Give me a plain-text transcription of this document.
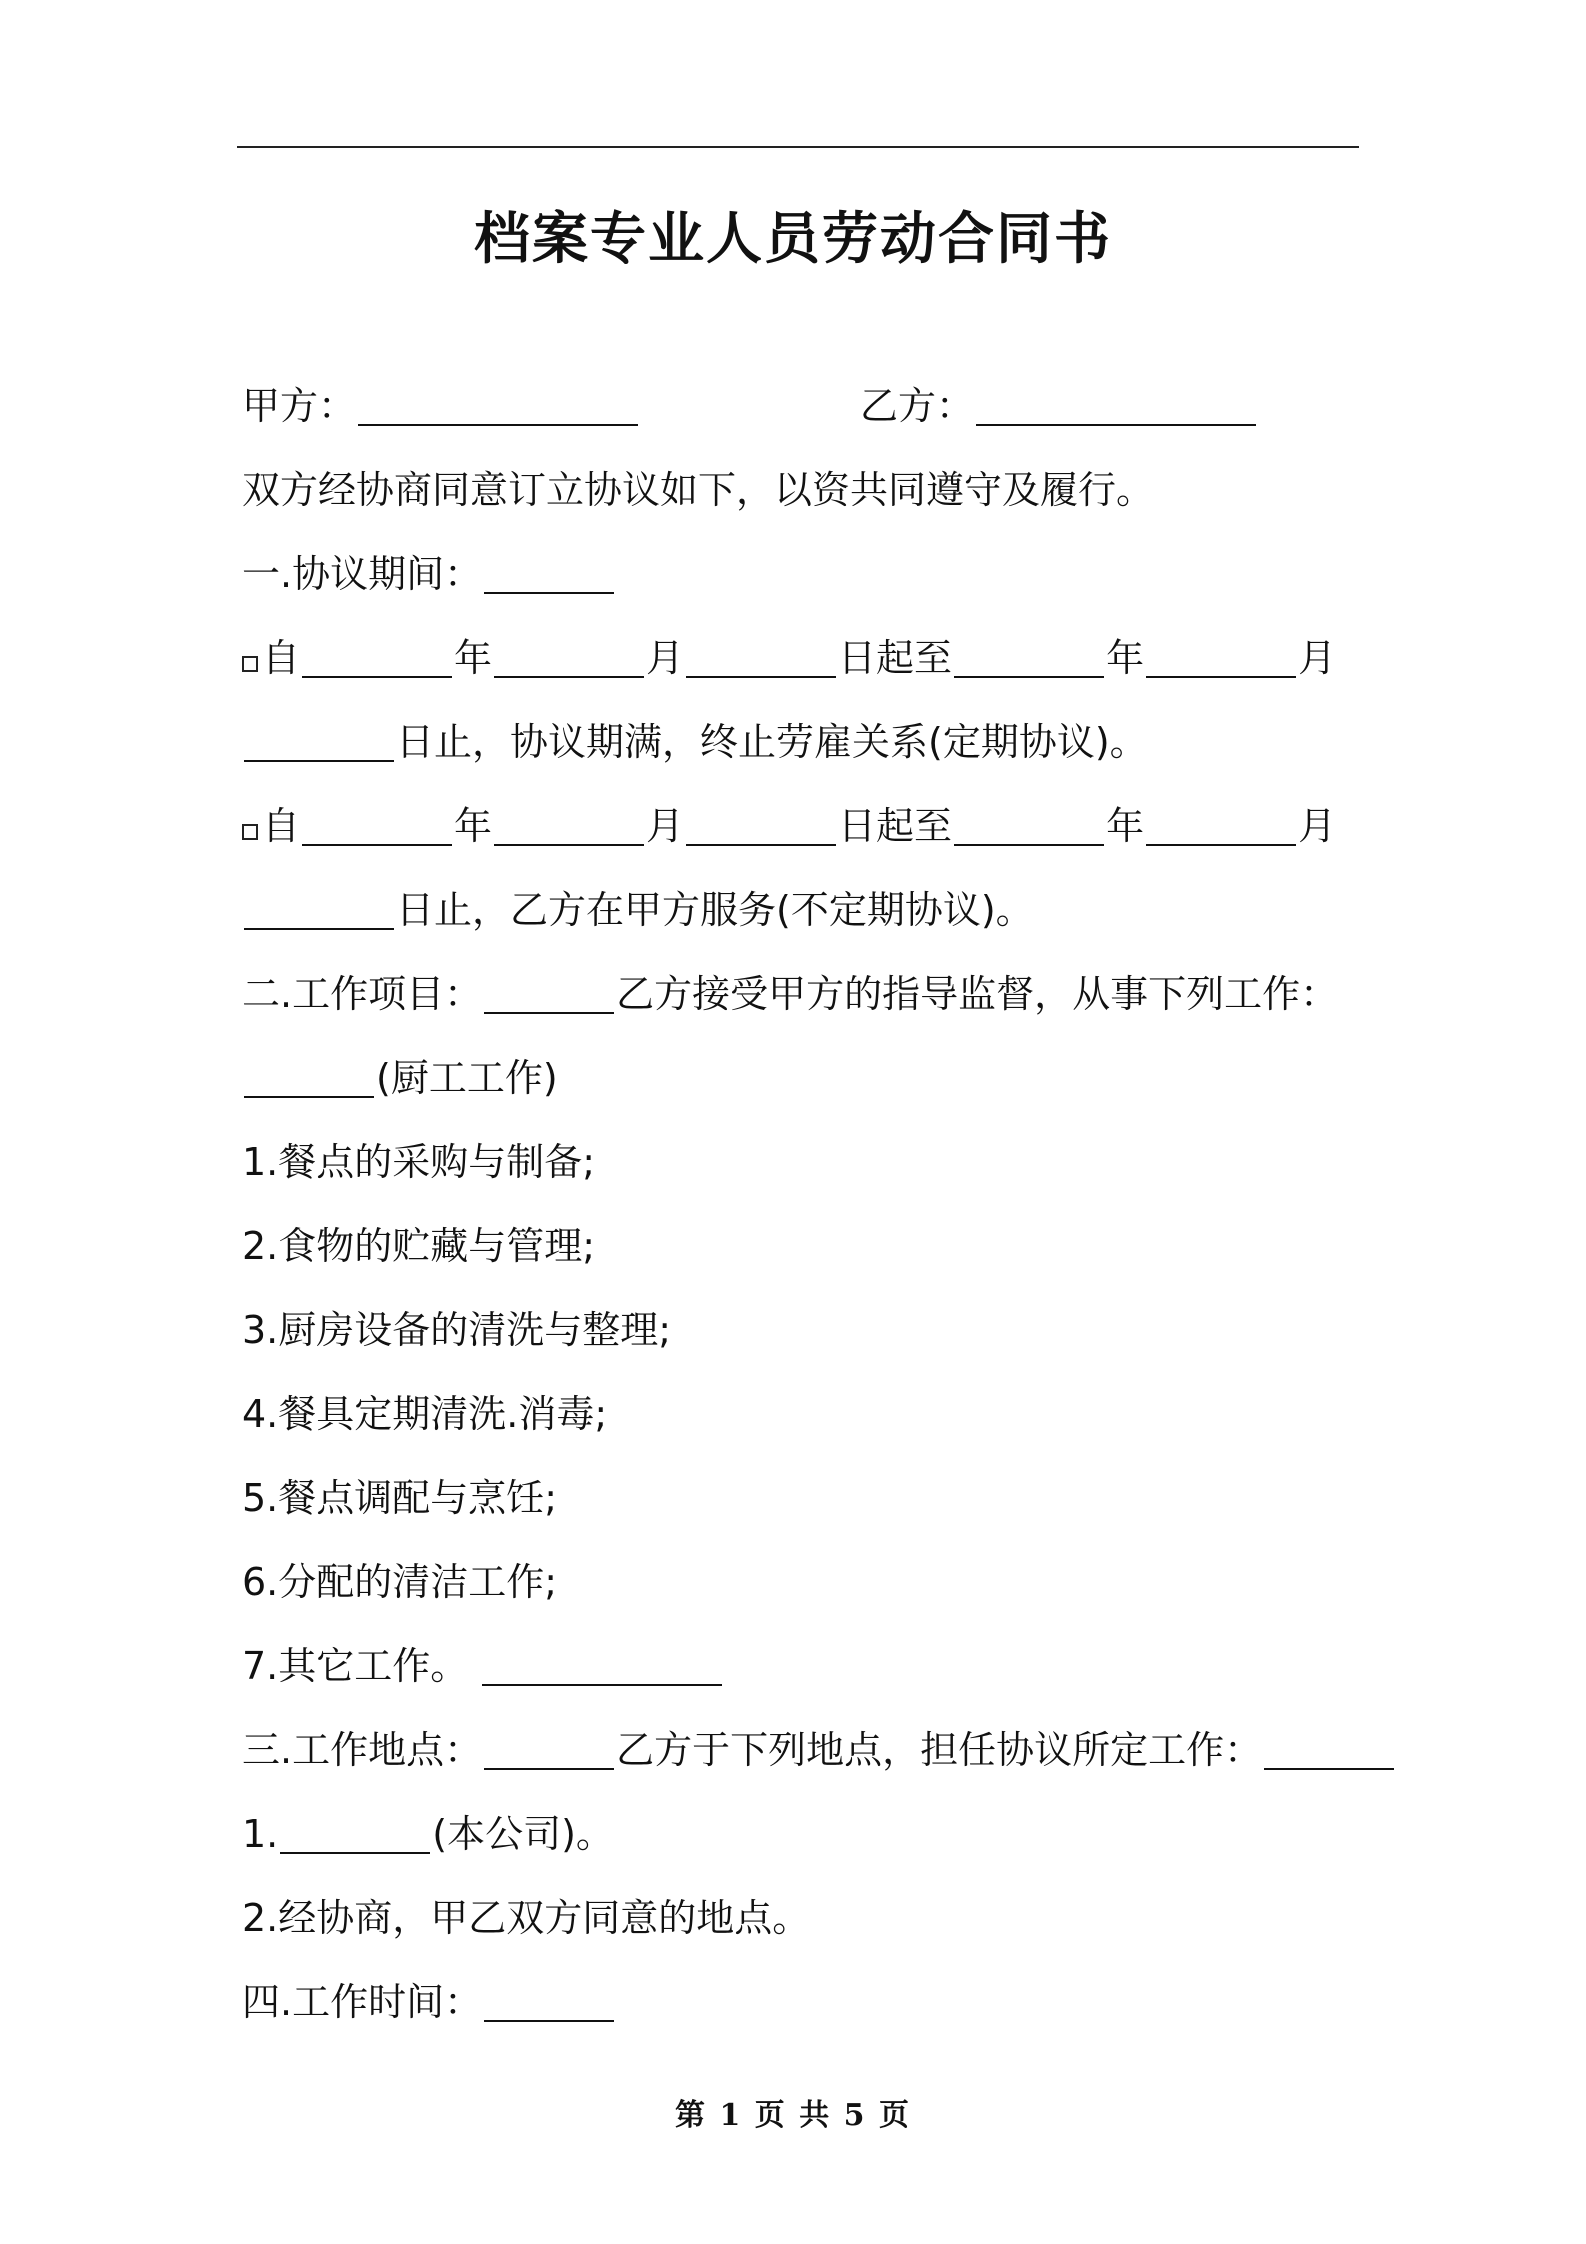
档案专业人员劳动合同书
甲方：	乙方：
双方经协商同意订立协议如下，以资共同遵守及履行。
一.协议期间：
自	年	月	日起至	年	月
日止，协议期满，终止劳雇关系(定期协议)。
自	年	月	日起至	年	月
日止，乙方在甲方服务(不定期协议)。
二.工作项目：	乙方接受甲方的指导监督，从事下列工作：
(厨工工作)
1.餐点的采购与制备;
2.食物的贮藏与管理;
3.厨房设备的清洗与整理;
4.餐具定期清洗.消毒;
5.餐点调配与烹饪;
6.分配的清洁工作;
7.其它工作。
三.工作地点：	乙方于下列地点，担任协议所定工作：
1.	(本公司)。
2.经协商，甲乙双方同意的地点。
四.工作时间：
第 1 页 共 5 页
